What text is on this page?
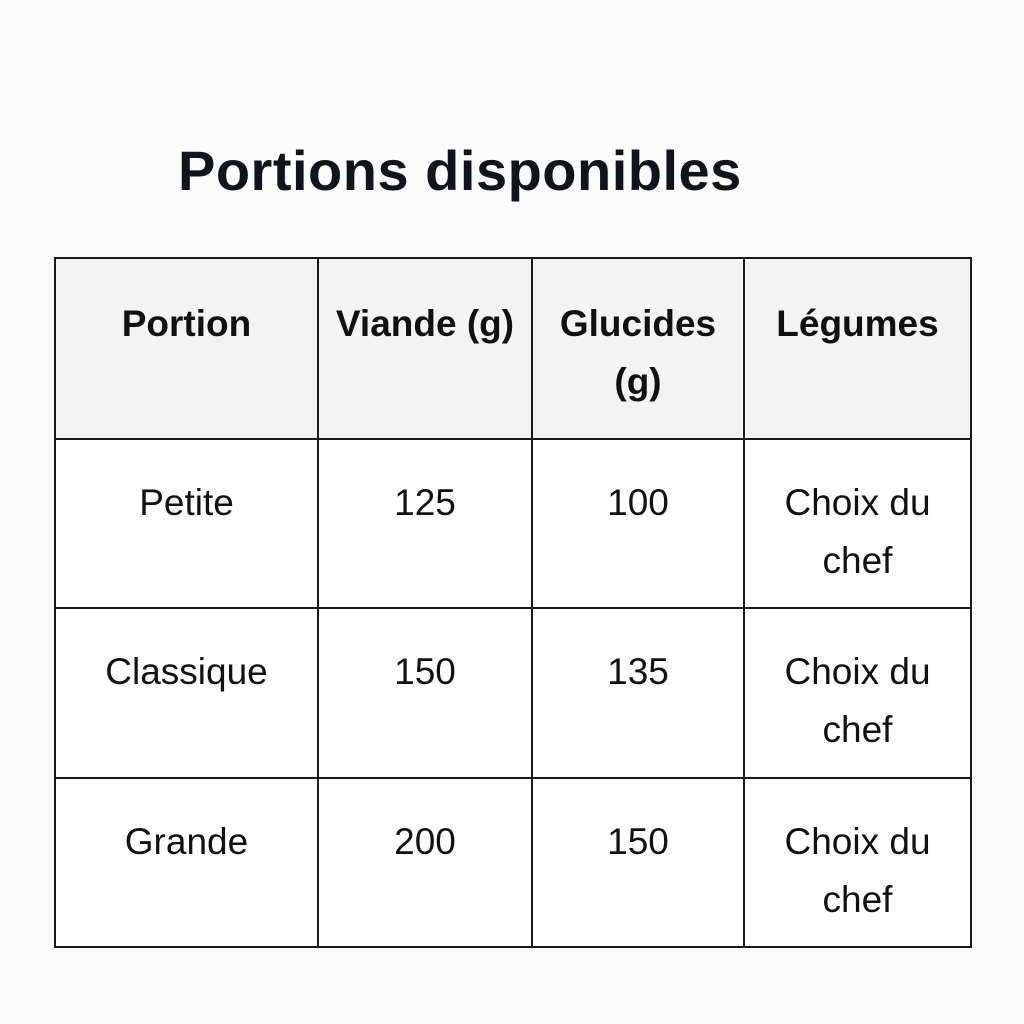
Portions disponibles
Portion	Viande (g)	Glucides (g)	Légumes
Petite	125	100	Choix du chef
Classique	150	135	Choix du chef
Grande	200	150	Choix du chef
